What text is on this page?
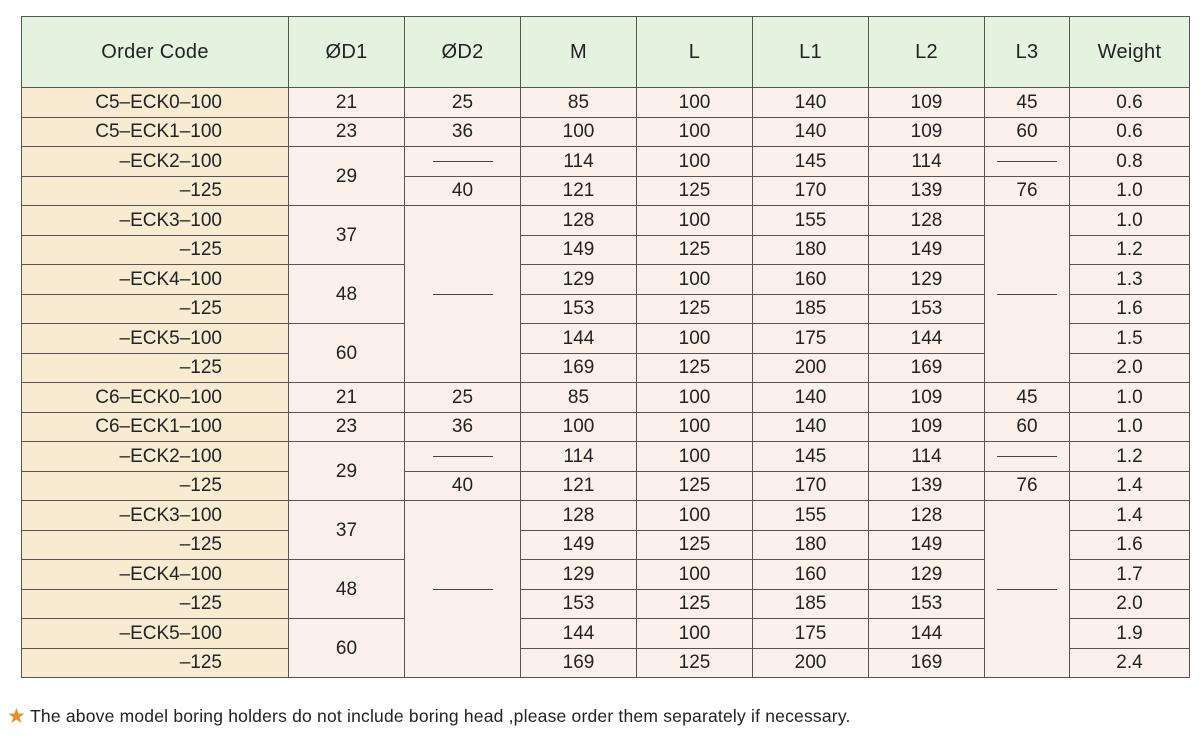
Order Code	ØD1	ØD2	M	L	L1	L2	L3	Weight
C5–ECK0–100	21	25	85	100	140	109	45	0.6
C5–ECK1–100	23	36	100	100	140	109	60	0.6
–ECK2–100	29		114	100	145	114		0.8
–125		40	121	125	170	139	76	1.0
–ECK3–100	37		128	100	155	128		1.0
–125			149	125	180	149		1.2
–ECK4–100	48		129	100	160	129		1.3
–125			153	125	185	153		1.6
–ECK5–100	60		144	100	175	144		1.5
–125			169	125	200	169		2.0
C6–ECK0–100	21	25	85	100	140	109	45	1.0
C6–ECK1–100	23	36	100	100	140	109	60	1.0
–ECK2–100	29		114	100	145	114		1.2
–125		40	121	125	170	139	76	1.4
–ECK3–100	37		128	100	155	128		1.4
–125			149	125	180	149		1.6
–ECK4–100	48		129	100	160	129		1.7
–125			153	125	185	153		2.0
–ECK5–100	60		144	100	175	144		1.9
–125			169	125	200	169		2.4
★ The above model boring holders do not include boring head ,please order them separately if necessary.
